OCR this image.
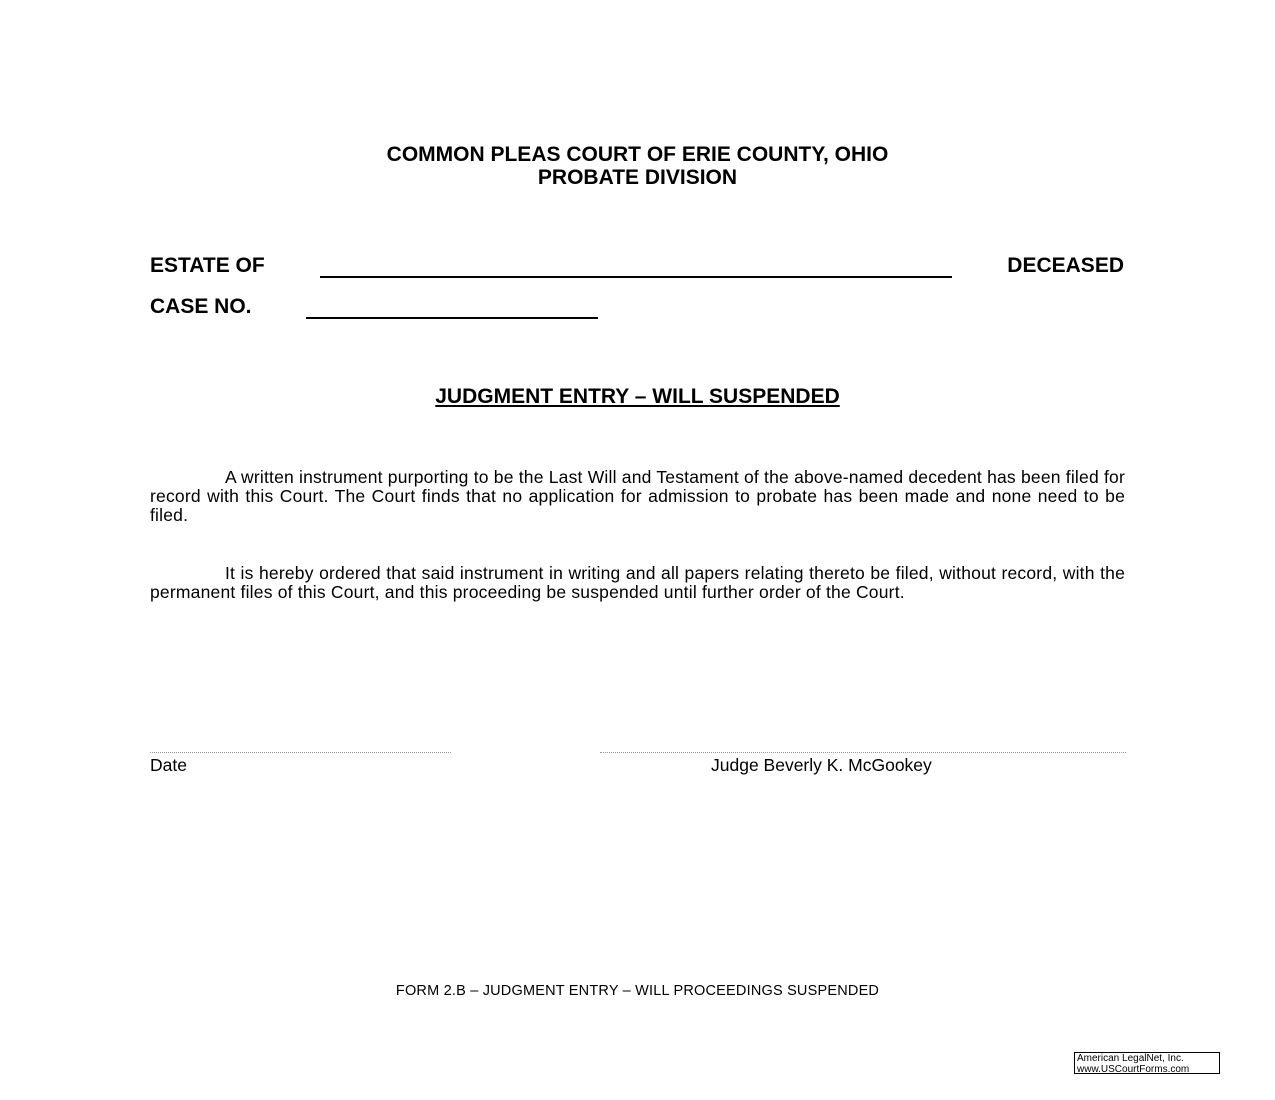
COMMON PLEAS COURT OF ERIE COUNTY, OHIO
PROBATE DIVISION
ESTATE OF	DECEASED
CASE NO.
JUDGMENT ENTRY – WILL SUSPENDED

A written instrument purporting to be the Last Will and Testament of the above-named decedent has been filed for record with this Court. The Court finds that no application for admission to probate has been made and none need to be filed.

It is hereby ordered that said instrument in writing and all papers relating thereto be filed, without record, with the permanent files of this Court, and this proceeding be suspended until further order of the Court.

Date	Judge Beverly K. McGookey
FORM 2.B – JUDGMENT ENTRY – WILL PROCEEDINGS SUSPENDED
American LegalNet, Inc.
www.USCourtForms.com
